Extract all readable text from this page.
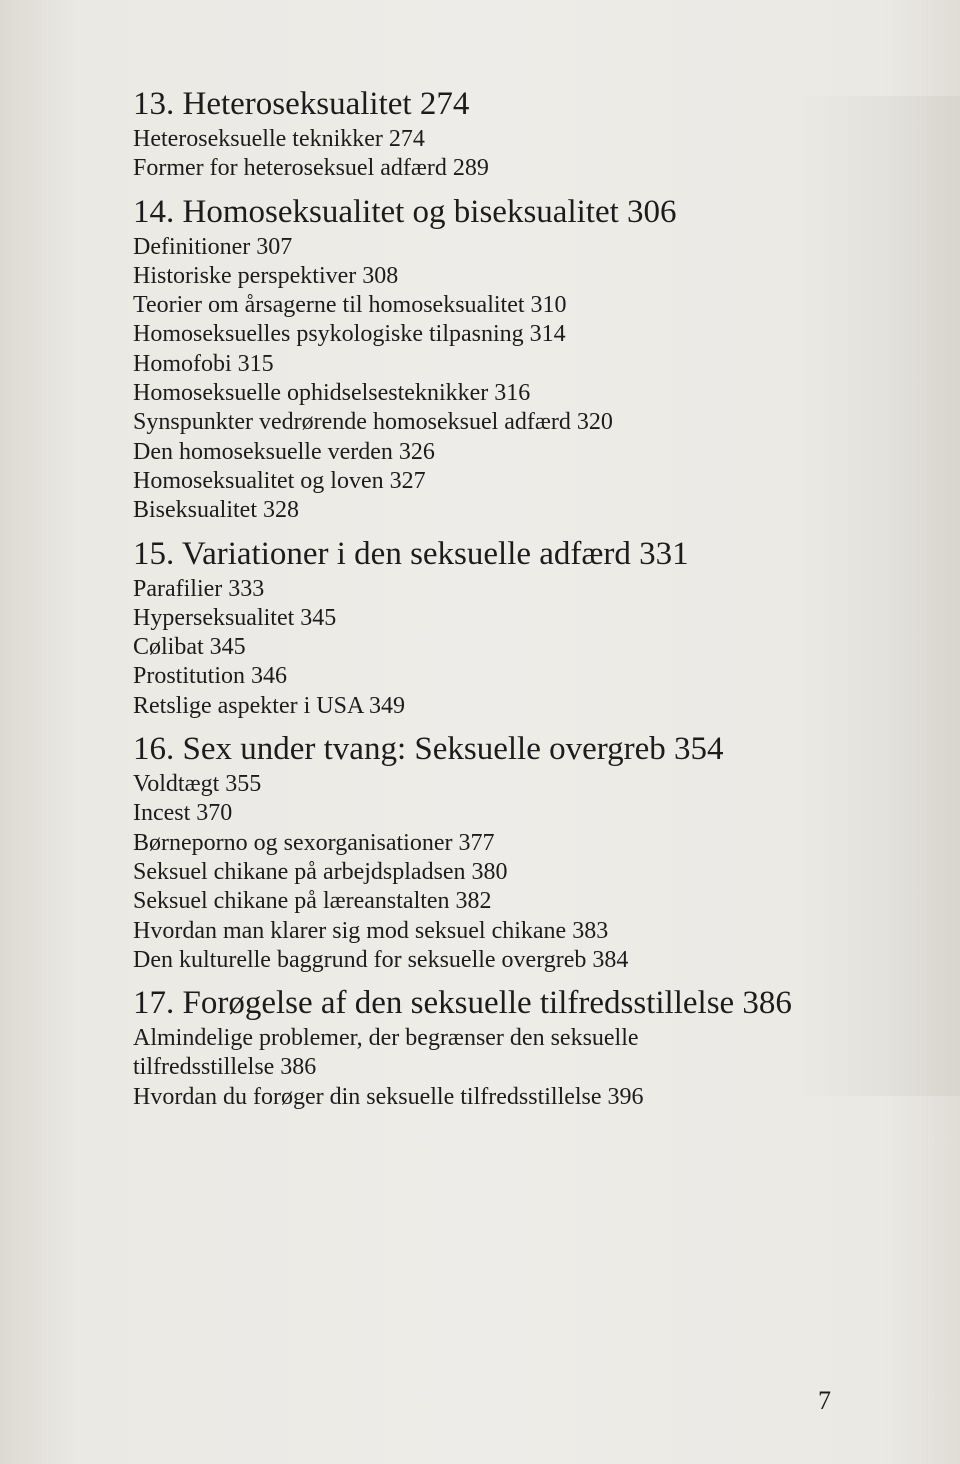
13. Heteroseksualitet 274
Heteroseksuelle teknikker 274
Former for heteroseksuel adfærd 289
14. Homoseksualitet og biseksualitet 306
Definitioner 307
Historiske perspektiver 308
Teorier om årsagerne til homoseksualitet 310
Homoseksuelles psykologiske tilpasning 314
Homofobi 315
Homoseksuelle ophidselsesteknikker 316
Synspunkter vedrørende homoseksuel adfærd 320
Den homoseksuelle verden 326
Homoseksualitet og loven 327
Biseksualitet 328
15. Variationer i den seksuelle adfærd 331
Parafilier 333
Hyperseksualitet 345
Cølibat 345
Prostitution 346
Retslige aspekter i USA 349
16. Sex under tvang: Seksuelle overgreb 354
Voldtægt 355
Incest 370
Børneporno og sexorganisationer 377
Seksuel chikane på arbejdspladsen 380
Seksuel chikane på læreanstalten 382
Hvordan man klarer sig mod seksuel chikane 383
Den kulturelle baggrund for seksuelle overgreb 384
17. Forøgelse af den seksuelle tilfredsstillelse 386
Almindelige problemer, der begrænser den seksuelle tilfredsstillelse 386
Hvordan du forøger din seksuelle tilfredsstillelse 396
7
